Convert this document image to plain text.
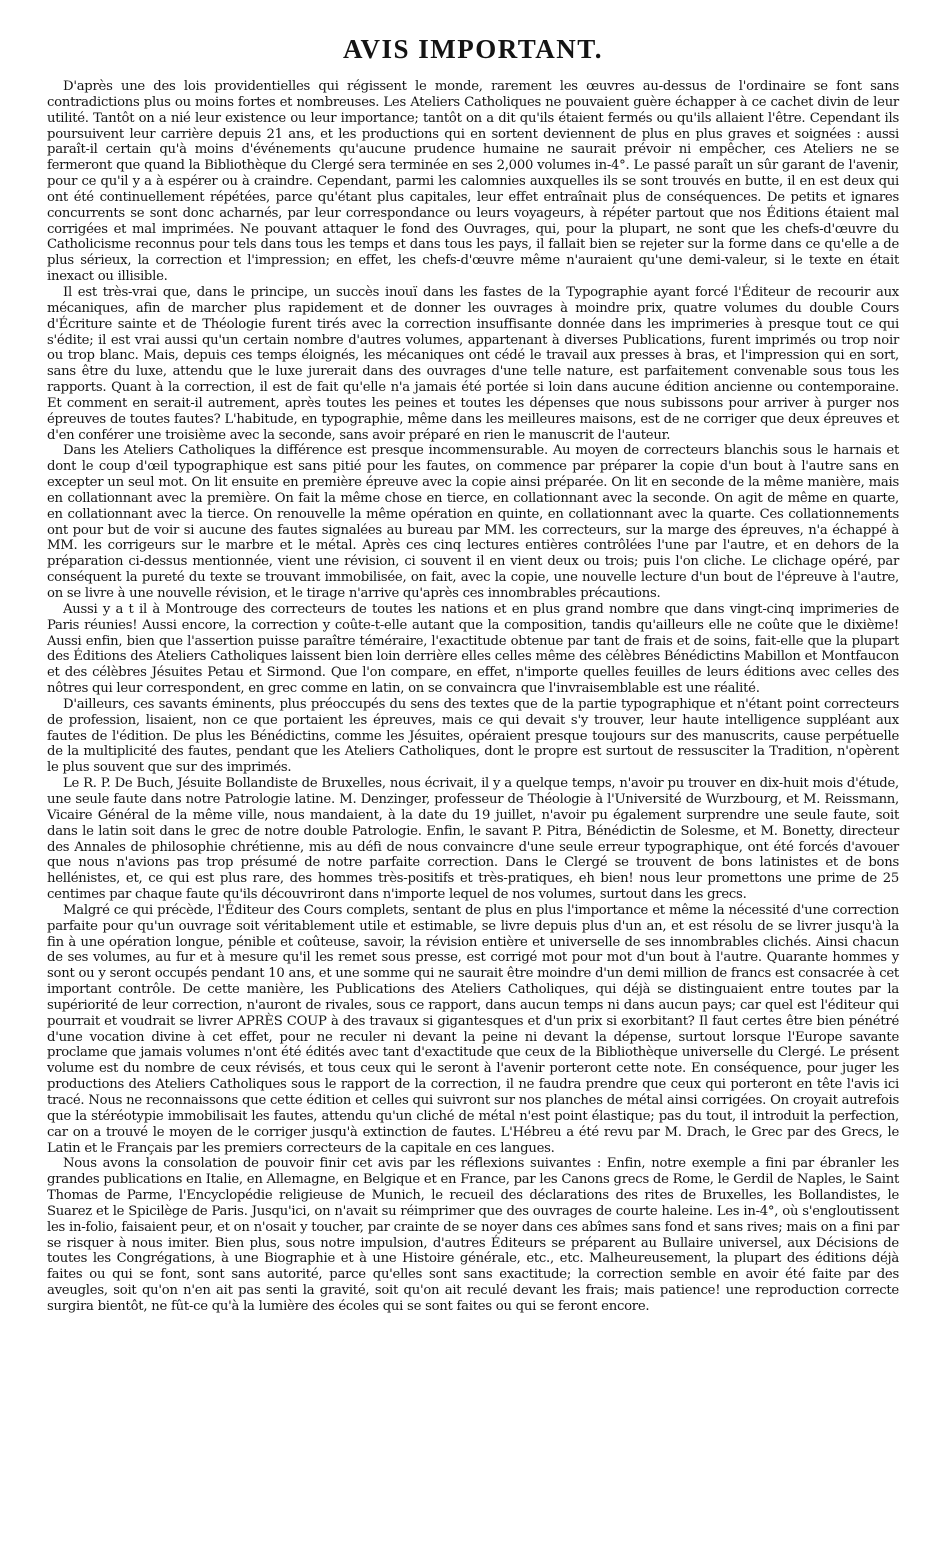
AVIS IMPORTANT.

D'après une des lois providentielles qui régissent le monde, rarement les œuvres au-dessus de l'ordinaire se font sans contradictions plus ou moins fortes et nombreuses. Les Ateliers Catholiques ne pouvaient guère échapper à ce cachet divin de leur utilité. Tantôt on a nié leur existence ou leur importance; tantôt on a dit qu'ils étaient fermés ou qu'ils allaient l'être. Cependant ils poursuivent leur carrière depuis 21 ans, et les productions qui en sortent deviennent de plus en plus graves et soignées : aussi paraît-il certain qu'à moins d'événements qu'aucune prudence humaine ne saurait prévoir ni empêcher, ces Ateliers ne se fermeront que quand la Bibliothèque du Clergé sera terminée en ses 2,000 volumes in-4°. Le passé paraît un sûr garant de l'avenir, pour ce qu'il y a à espérer ou à craindre. Cependant, parmi les calomnies auxquelles ils se sont trouvés en butte, il en est deux qui ont été continuellement répétées, parce qu'étant plus capitales, leur effet entraînait plus de conséquences. De petits et ignares concurrents se sont donc acharnés, par leur correspondance ou leurs voyageurs, à répéter partout que nos Éditions étaient mal corrigées et mal imprimées. Ne pouvant attaquer le fond des Ouvrages, qui, pour la plupart, ne sont que les chefs-d'œuvre du Catholicisme reconnus pour tels dans tous les temps et dans tous les pays, il fallait bien se rejeter sur la forme dans ce qu'elle a de plus sérieux, la correction et l'impression; en effet, les chefs-d'œuvre même n'auraient qu'une demi-valeur, si le texte en était inexact ou illisible.

Il est très-vrai que, dans le principe, un succès inouï dans les fastes de la Typographie ayant forcé l'Éditeur de recourir aux mécaniques, afin de marcher plus rapidement et de donner les ouvrages à moindre prix, quatre volumes du double Cours d'Écriture sainte et de Théologie furent tirés avec la correction insuffisante donnée dans les imprimeries à presque tout ce qui s'édite; il est vrai aussi qu'un certain nombre d'autres volumes, appartenant à diverses Publications, furent imprimés ou trop noir ou trop blanc. Mais, depuis ces temps éloignés, les mécaniques ont cédé le travail aux presses à bras, et l'impression qui en sort, sans être du luxe, attendu que le luxe jurerait dans des ouvrages d'une telle nature, est parfaitement convenable sous tous les rapports. Quant à la correction, il est de fait qu'elle n'a jamais été portée si loin dans aucune édition ancienne ou contemporaine. Et comment en serait-il autrement, après toutes les peines et toutes les dépenses que nous subissons pour arriver à purger nos épreuves de toutes fautes? L'habitude, en typographie, même dans les meilleures maisons, est de ne corriger que deux épreuves et d'en conférer une troisième avec la seconde, sans avoir préparé en rien le manuscrit de l'auteur.

Dans les Ateliers Catholiques la différence est presque incommensurable. Au moyen de correcteurs blanchis sous le harnais et dont le coup d'œil typographique est sans pitié pour les fautes, on commence par préparer la copie d'un bout à l'autre sans en excepter un seul mot. On lit ensuite en première épreuve avec la copie ainsi préparée. On lit en seconde de la même manière, mais en collationnant avec la première. On fait la même chose en tierce, en collationnant avec la seconde. On agit de même en quarte, en collationnant avec la tierce. On renouvelle la même opération en quinte, en collationnant avec la quarte. Ces collationnements ont pour but de voir si aucune des fautes signalées au bureau par MM. les correcteurs, sur la marge des épreuves, n'a échappé à MM. les corrigeurs sur le marbre et le métal. Après ces cinq lectures entières contrôlées l'une par l'autre, et en dehors de la préparation ci-dessus mentionnée, vient une révision, ci souvent il en vient deux ou trois; puis l'on cliche. Le clichage opéré, par conséquent la pureté du texte se trouvant immobilisée, on fait, avec la copie, une nouvelle lecture d'un bout de l'épreuve à l'autre, on se livre à une nouvelle révision, et le tirage n'arrive qu'après ces innombrables précautions.

Aussi y a t il à Montrouge des correcteurs de toutes les nations et en plus grand nombre que dans vingt-cinq imprimeries de Paris réunies! Aussi encore, la correction y coûte-t-elle autant que la composition, tandis qu'ailleurs elle ne coûte que le dixième! Aussi enfin, bien que l'assertion puisse paraître téméraire, l'exactitude obtenue par tant de frais et de soins, fait-elle que la plupart des Éditions des Ateliers Catholiques laissent bien loin derrière elles celles même des célèbres Bénédictins Mabillon et Montfaucon et des célèbres Jésuites Petau et Sirmond. Que l'on compare, en effet, n'importe quelles feuilles de leurs éditions avec celles des nôtres qui leur correspondent, en grec comme en latin, on se convaincra que l'invraisemblable est une réalité.

D'ailleurs, ces savants éminents, plus préoccupés du sens des textes que de la partie typographique et n'étant point correcteurs de profession, lisaient, non ce que portaient les épreuves, mais ce qui devait s'y trouver, leur haute intelligence suppléant aux fautes de l'édition. De plus les Bénédictins, comme les Jésuites, opéraient presque toujours sur des manuscrits, cause perpétuelle de la multiplicité des fautes, pendant que les Ateliers Catholiques, dont le propre est surtout de ressusciter la Tradition, n'opèrent le plus souvent que sur des imprimés.

Le R. P. De Buch, Jésuite Bollandiste de Bruxelles, nous écrivait, il y a quelque temps, n'avoir pu trouver en dix-huit mois d'étude, une seule faute dans notre Patrologie latine. M. Denzinger, professeur de Théologie à l'Université de Wurzbourg, et M. Reissmann, Vicaire Général de la même ville, nous mandaient, à la date du 19 juillet, n'avoir pu également surprendre une seule faute, soit dans le latin soit dans le grec de notre double Patrologie. Enfin, le savant P. Pitra, Bénédictin de Solesme, et M. Bonetty, directeur des Annales de philosophie chrétienne, mis au défi de nous convaincre d'une seule erreur typographique, ont été forcés d'avouer que nous n'avions pas trop présumé de notre parfaite correction. Dans le Clergé se trouvent de bons latinistes et de bons hellénistes, et, ce qui est plus rare, des hommes très-positifs et très-pratiques, eh bien! nous leur promettons une prime de 25 centimes par chaque faute qu'ils découvriront dans n'importe lequel de nos volumes, surtout dans les grecs.

Malgré ce qui précède, l'Éditeur des Cours complets, sentant de plus en plus l'importance et même la nécessité d'une correction parfaite pour qu'un ouvrage soit véritablement utile et estimable, se livre depuis plus d'un an, et est résolu de se livrer jusqu'à la fin à une opération longue, pénible et coûteuse, savoir, la révision entière et universelle de ses innombrables clichés. Ainsi chacun de ses volumes, au fur et à mesure qu'il les remet sous presse, est corrigé mot pour mot d'un bout à l'autre. Quarante hommes y sont ou y seront occupés pendant 10 ans, et une somme qui ne saurait être moindre d'un demi million de francs est consacrée à cet important contrôle. De cette manière, les Publications des Ateliers Catholiques, qui déjà se distinguaient entre toutes par la supériorité de leur correction, n'auront de rivales, sous ce rapport, dans aucun temps ni dans aucun pays; car quel est l'éditeur qui pourrait et voudrait se livrer APRÈS COUP à des travaux si gigantesques et d'un prix si exorbitant? Il faut certes être bien pénétré d'une vocation divine à cet effet, pour ne reculer ni devant la peine ni devant la dépense, surtout lorsque l'Europe savante proclame que jamais volumes n'ont été édités avec tant d'exactitude que ceux de la Bibliothèque universelle du Clergé. Le présent volume est du nombre de ceux révisés, et tous ceux qui le seront à l'avenir porteront cette note. En conséquence, pour juger les productions des Ateliers Catholiques sous le rapport de la correction, il ne faudra prendre que ceux qui porteront en tête l'avis ici tracé. Nous ne reconnaissons que cette édition et celles qui suivront sur nos planches de métal ainsi corrigées. On croyait autrefois que la stéréotypie immobilisait les fautes, attendu qu'un cliché de métal n'est point élastique; pas du tout, il introduit la perfection, car on a trouvé le moyen de le corriger jusqu'à extinction de fautes. L'Hébreu a été revu par M. Drach, le Grec par des Grecs, le Latin et le Français par les premiers correcteurs de la capitale en ces langues.

Nous avons la consolation de pouvoir finir cet avis par les réflexions suivantes : Enfin, notre exemple a fini par ébranler les grandes publications en Italie, en Allemagne, en Belgique et en France, par les Canons grecs de Rome, le Gerdil de Naples, le Saint Thomas de Parme, l'Encyclopédie religieuse de Munich, le recueil des déclarations des rites de Bruxelles, les Bollandistes, le Suarez et le Spicilège de Paris. Jusqu'ici, on n'avait su réimprimer que des ouvrages de courte haleine. Les in-4°, où s'engloutissent les in-folio, faisaient peur, et on n'osait y toucher, par crainte de se noyer dans ces abîmes sans fond et sans rives; mais on a fini par se risquer à nous imiter. Bien plus, sous notre impulsion, d'autres Éditeurs se préparent au Bullaire universel, aux Décisions de toutes les Congrégations, à une Biographie et à une Histoire générale, etc., etc. Malheureusement, la plupart des éditions déjà faites ou qui se font, sont sans autorité, parce qu'elles sont sans exactitude; la correction semble en avoir été faite par des aveugles, soit qu'on n'en ait pas senti la gravité, soit qu'on ait reculé devant les frais; mais patience! une reproduction correcte surgira bientôt, ne fût-ce qu'à la lumière des écoles qui se sont faites ou qui se feront encore.
